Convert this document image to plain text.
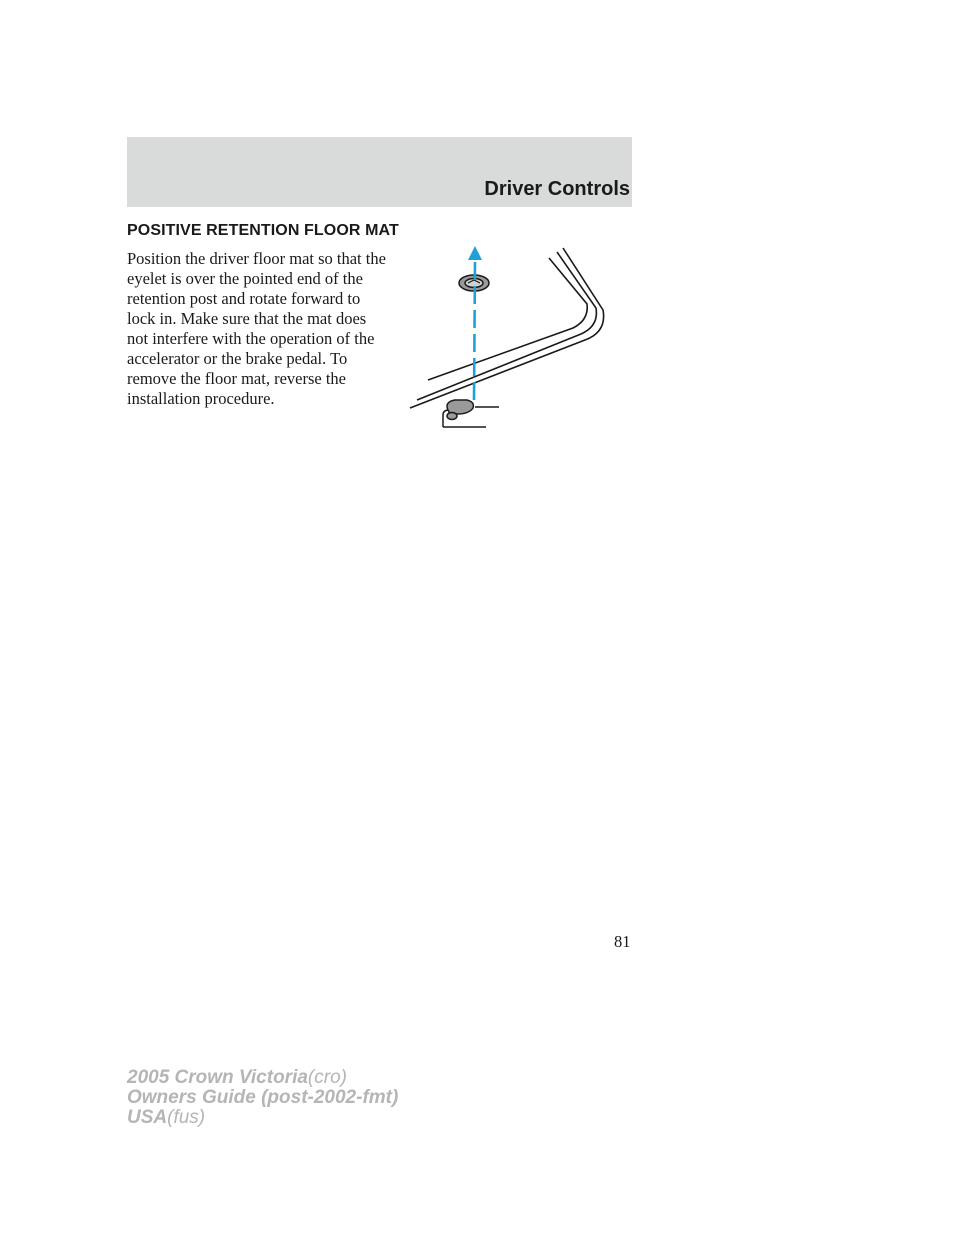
Driver Controls
POSITIVE RETENTION FLOOR MAT

Position the driver floor mat so that the eyelet is over the pointed end of the retention post and rotate forward to lock in. Make sure that the mat does not interfere with the operation of the accelerator or the brake pedal. To remove the floor mat, reverse the installation procedure.

81
2005 Crown Victoria(cro)
Owners Guide (post-2002-fmt)
USA(fus)
